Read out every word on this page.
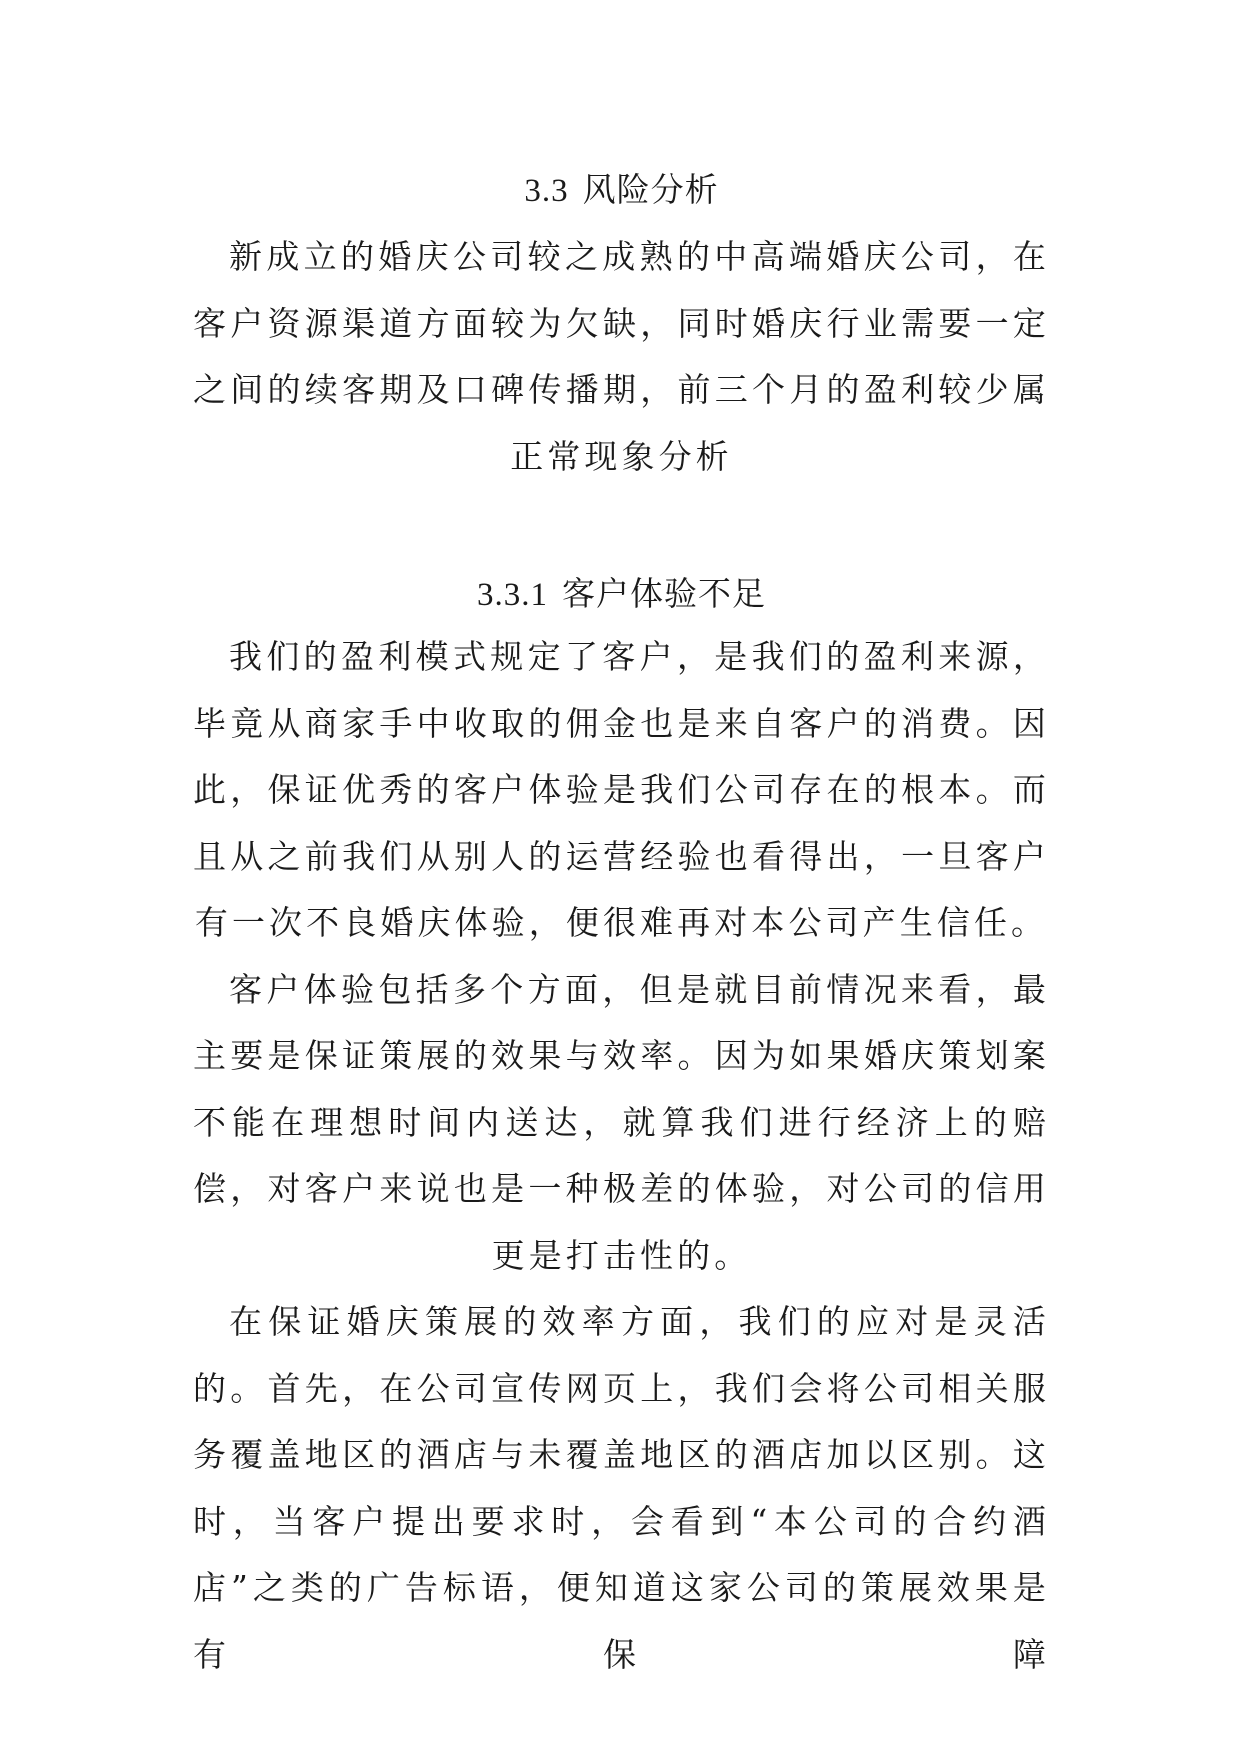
3.3 风险分析

新成立的婚庆公司较之成熟的中高端婚庆公司，在客户资源渠道方面较为欠缺，同时婚庆行业需要一定之间的续客期及口碑传播期，前三个月的盈利较少属正常现象分析

3.3.1 客户体验不足

我们的盈利模式规定了客户，是我们的盈利来源，毕竟从商家手中收取的佣金也是来自客户的消费。因此，保证优秀的客户体验是我们公司存在的根本。而且从之前我们从别人的运营经验也看得出，一旦客户有一次不良婚庆体验，便很难再对本公司产生信任。

客户体验包括多个方面，但是就目前情况来看，最主要是保证策展的效果与效率。因为如果婚庆策划案不能在理想时间内送达，就算我们进行经济上的赔偿，对客户来说也是一种极差的体验，对公司的信用更是打击性的。

在保证婚庆策展的效率方面，我们的应对是灵活的。首先，在公司宣传网页上，我们会将公司相关服务覆盖地区的酒店与未覆盖地区的酒店加以区别。这时，当客户提出要求时，会看到“本公司的合约酒店”之类的广告标语，便知道这家公司的策展效果是有保障
